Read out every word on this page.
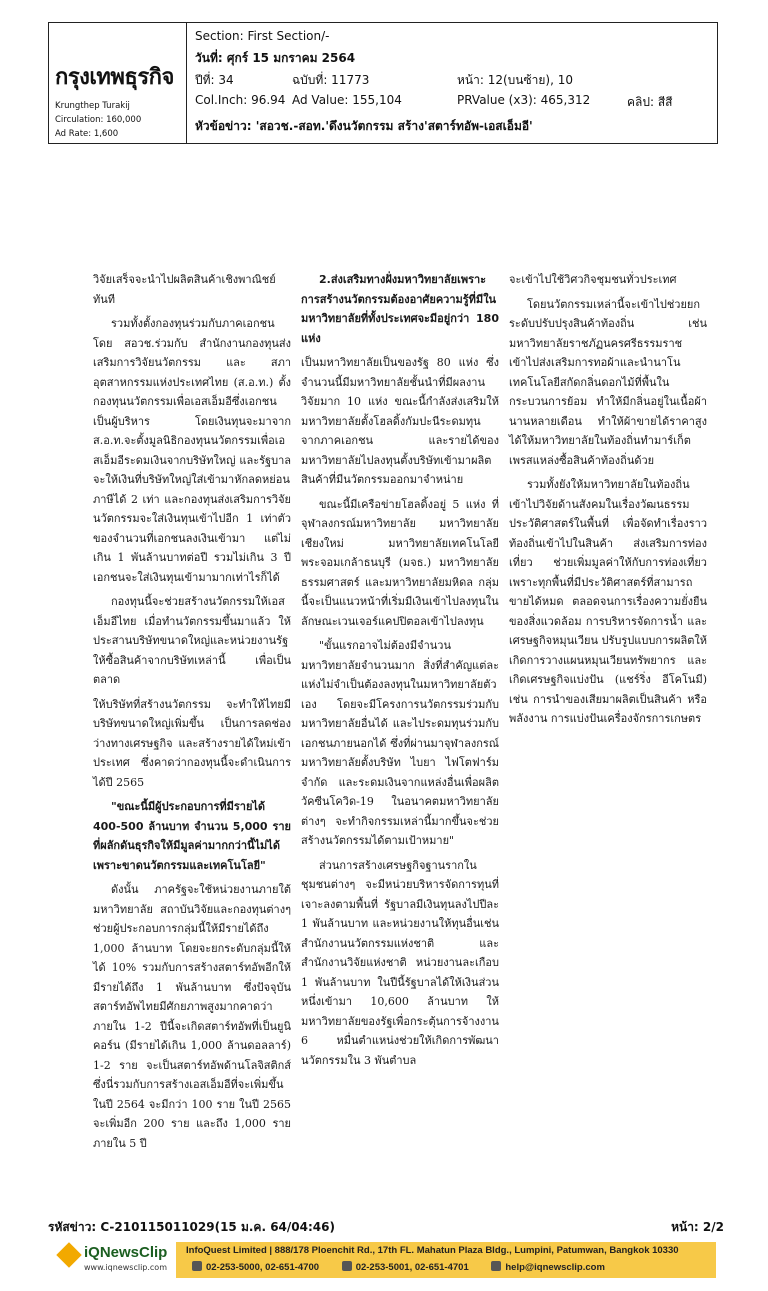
กรุงเทพธุรกิจ
Krungthep Turakij
Circulation: 160,000
Ad Rate: 1,600
Section: First Section/-
วันที่: ศุกร์ 15 มกราคม 2564
ปีที่: 34	ฉบับที่: 11773	หน้า: 12(บนซ้าย), 10
Col.Inch: 96.94 Ad Value: 155,104	PRValue (x3): 465,312	คลิป: สีสี
หัวข้อข่าว: 'สอวช.-สอท.'ดึงนวัตกรรม สร้าง'สตาร์ทอัพ-เอสเอ็มอี'

วิจัยเสร็จจะนำไปผลิตสินค้าเชิงพาณิชย์ทันที

รวมทั้งตั้งกองทุนร่วมกับภาคเอกชน โดย สอวช.ร่วมกับ สำนักงานกองทุนส่งเสริมการวิจัยนวัตกรรม และ สภาอุตสาหกรรมแห่งประเทศไทย (ส.อ.ท.) ตั้งกองทุนนวัตกรรมเพื่อเอสเอ็มอีซึ่งเอกชนเป็นผู้บริหาร โดยเงินทุนจะมาจาก ส.อ.ท.จะตั้งมูลนิธิกองทุนนวัตกรรมเพื่อเอสเอ็มอีระดมเงินจากบริษัทใหญ่ และรัฐบาลจะให้เงินที่บริษัทใหญ่ใส่เข้ามาหักลดหย่อนภาษีได้ 2 เท่า และกองทุนส่งเสริมการวิจัยนวัตกรรมจะใส่เงินทุนเข้าไปอีก 1 เท่าตัว ของจำนวนที่เอกชนลงเงินเข้ามา แต่ไม่เกิน 1 พันล้านบาทต่อปี รวมไม่เกิน 3 ปี เอกชนจะใส่เงินทุนเข้ามามากเท่าไรก็ได้

กองทุนนี้จะช่วยสร้างนวัตกรรมให้เอสเอ็มอีไทย เมื่อทำนวัตกรรมขึ้นมาแล้ว ให้ประสานบริษัทขนาดใหญ่และหน่วยงานรัฐให้ซื้อสินค้าจากบริษัทเหล่านี้ เพื่อเป็นตลาด

ให้บริษัทที่สร้างนวัตกรรม จะทำให้ไทยมีบริษัทขนาดใหญ่เพิ่มขึ้น เป็นการลดช่องว่างทางเศรษฐกิจ และสร้างรายได้ใหม่เข้าประเทศ ซึ่งคาดว่ากองทุนนี้จะดำเนินการได้ปี 2565

"ขณะนี้มีผู้ประกอบการที่มีรายได้ 400-500 ล้านบาท จำนวน 5,000 ราย ที่ผลักดันธุรกิจให้มีมูลค่ามากกว่านี้ไม่ได้ เพราะขาดนวัตกรรมและเทคโนโลยี"

ดังนั้น ภาครัฐจะใช้หน่วยงานภายใต้มหาวิทยาลัย สถาบันวิจัยและกองทุนต่างๆ ช่วยผู้ประกอบการกลุ่มนี้ให้มีรายได้ถึง 1,000 ล้านบาท โดยจะยกระดับกลุ่มนี้ให้ได้ 10% รวมกับการสร้างสตาร์ทอัพอีกให้มีรายได้ถึง 1 พันล้านบาท ซึ่งปัจจุบันสตาร์ทอัพไทยมีศักยภาพสูงมากคาดว่าภายใน 1-2 ปีนี้จะเกิดสตาร์ทอัพที่เป็นยูนิคอร์น (มีรายได้เกิน 1,000 ล้านดอลลาร์) 1-2 ราย จะเป็นสตาร์ทอัพด้านโลจิสติกส์ ซึ่งนี่รวมกับการสร้างเอสเอ็มอีที่จะเพิ่มขึ้นในปี 2564 จะมีกว่า 100 ราย ในปี 2565 จะเพิ่มอีก 200 ราย และถึง 1,000 ราย ภายใน 5 ปี

2.ส่งเสริมทางฝั่งมหาวิทยาลัยเพราะการสร้างนวัตกรรมต้องอาศัยความรู้ที่มีในมหาวิทยาลัยที่ทั้งประเทศจะมีอยู่กว่า 180 แห่ง

เป็นมหาวิทยาลัยเป็นของรัฐ 80 แห่ง ซึ่งจำนวนนี้มีมหาวิทยาลัยชั้นนำที่มีผลงานวิจัยมาก 10 แห่ง ขณะนี้กำลังส่งเสริมให้มหาวิทยาลัยตั้งโฮลดิ้งกัมปะนีระดมทุนจากภาคเอกชน และรายได้ของมหาวิทยาลัยไปลงทุนตั้งบริษัทเข้ามาผลิตสินค้าที่มีนวัตกรรมออกมาจำหน่าย

ขณะนี้มีเครือข่ายโฮลดิ้งอยู่ 5 แห่ง ที่จุฬาลงกรณ์มหาวิทยาลัย มหาวิทยาลัยเชียงใหม่ มหาวิทยาลัยเทคโนโลยีพระจอมเกล้าธนบุรี (มจธ.) มหาวิทยาลัยธรรมศาสตร์ และมหาวิทยาลัยมหิดล กลุ่มนี้จะเป็นแนวหน้าที่เริ่มมีเงินเข้าไปลงทุนในลักษณะเวนเจอร์แคปปิตอลเข้าไปลงทุน

"ขั้นแรกอาจไม่ต้องมีจำนวนมหาวิทยาลัยจำนวนมาก สิ่งที่สำคัญแต่ละแห่งไม่จำเป็นต้องลงทุนในมหาวิทยาลัยตัวเอง โดยจะมีโครงการนวัตกรรมร่วมกับมหาวิทยาลัยอื่นได้ และไประดมทุนร่วมกับเอกชนภายนอกได้ ซึ่งที่ผ่านมาจุฬาลงกรณ์มหาวิทยาลัยตั้งบริษัท ไบยา ไฟโตฟาร์ม จำกัด และระดมเงินจากแหล่งอื่นเพื่อผลิตวัคซีนโควิด-19 ในอนาคตมหาวิทยาลัยต่างๆ จะทำกิจกรรมเหล่านี้มากขึ้นจะช่วยสร้างนวัตกรรมได้ตามเป้าหมาย"

ส่วนการสร้างเศรษฐกิจฐานรากในชุมชนต่างๆ จะมีหน่วยบริหารจัดการทุนที่เจาะลงตามพื้นที่ รัฐบาลมีเงินทุนลงไปปีละ 1 พันล้านบาท และหน่วยงานให้ทุนอื่นเช่น สำนักงานนวัตกรรมแห่งชาติ และสำนักงานวิจัยแห่งชาติ หน่วยงานละเกือบ 1 พันล้านบาท ในปีนี้รัฐบาลได้ให้เงินส่วนหนึ่งเข้ามา 10,600 ล้านบาท ให้มหาวิทยาลัยของรัฐเพื่อกระตุ้นการจ้างงาน 6 หมื่นตำแหน่งช่วยให้เกิดการพัฒนานวัตกรรมใน 3 พันตำบล

จะเข้าไปใช้วิศวกิจชุมชนทั่วประเทศ

โดยนวัตกรรมเหล่านี้จะเข้าไปช่วยยกระดับปรับปรุงสินค้าท้องถิ่น เช่น มหาวิทยาลัยราชภัฏนครศรีธรรมราชเข้าไปส่งเสริมการทอผ้าและนำนาโนเทคโนโลยีสกัดกลิ่นดอกไม้ที่พื้นในกระบวนการย้อม ทำให้มีกลิ่นอยู่ในเนื้อผ้านานหลายเดือน ทำให้ผ้าขายได้ราคาสูง ได้ให้มหาวิทยาลัยในท้องถิ่นทำมาร์เก็ตเพรสแหล่งซื้อสินค้าท้องถิ่นด้วย

รวมทั้งยังให้มหาวิทยาลัยในท้องถิ่นเข้าไปวิจัยด้านสังคมในเรื่องวัฒนธรรม ประวัติศาสตร์ในพื้นที่ เพื่อจัดทำเรื่องราวท้องถิ่นเข้าไปในสินค้า ส่งเสริมการท่องเที่ยว ช่วยเพิ่มมูลค่าให้กับการท่องเที่ยว เพราะทุกพื้นที่มีประวัติศาสตร์ที่สามารถขายได้หมด ตลอดจนการเรื่องความยั่งยืนของสิ่งแวดล้อม การบริหารจัดการน้ำ และเศรษฐกิจหมุนเวียน ปรับรูปแบบการผลิตให้เกิดการวางแผนหมุนเวียนทรัพยากร และเกิดเศรษฐกิจแบ่งปัน (แชร์ริ่ง อีโคโนมี) เช่น การนำของเสียมาผลิตเป็นสินค้า หรือพลังงาน การแบ่งปันเครื่องจักรการเกษตร

รหัสข่าว: C-210115011029(15 ม.ค. 64/04:46)	หน้า: 2/2
iQNewsClip
www.iqnewsclip.com
InfoQuest Limited | 888/178 Ploenchit Rd., 17th FL. Mahatun Plaza Bldg., Lumpini, Patumwan, Bangkok 10330
02-253-5000, 02-651-4700	02-253-5001, 02-651-4701	help@iqnewsclip.com
